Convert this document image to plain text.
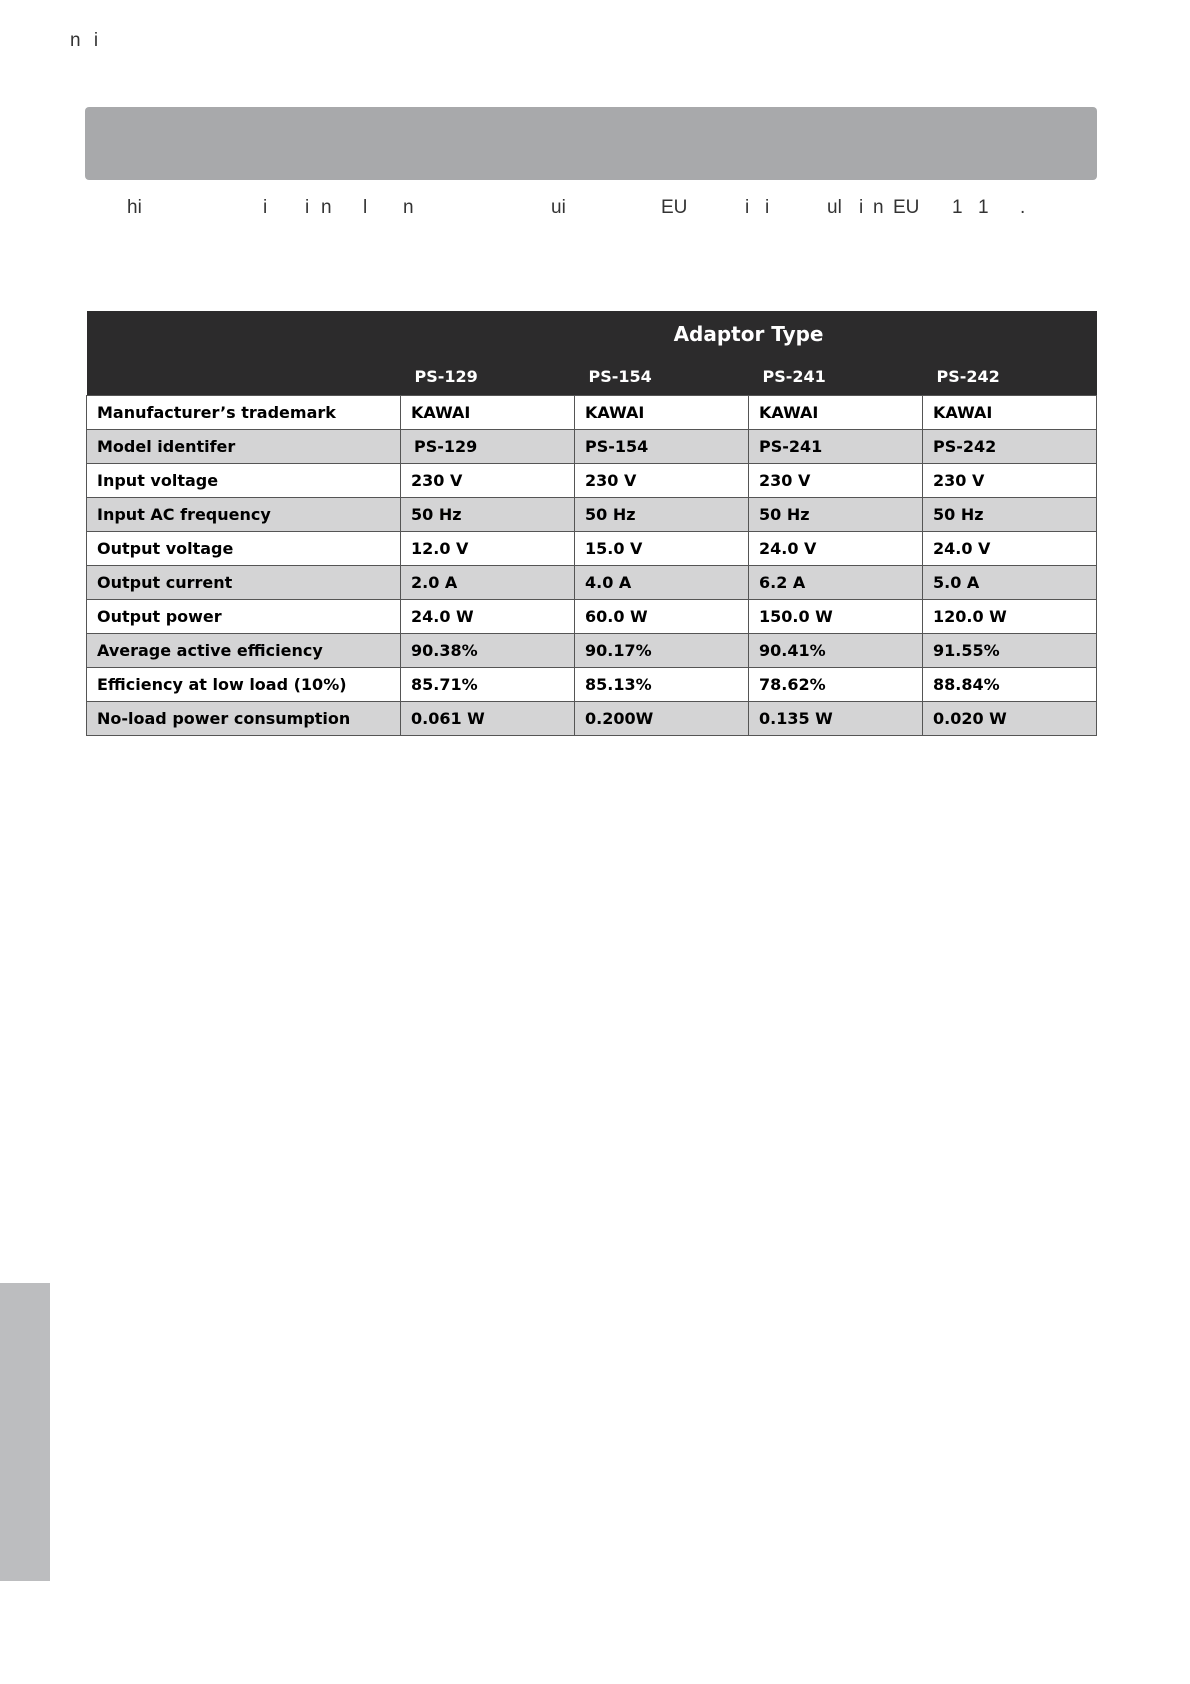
n i
hi	i i n l n	ui	EU	i i	ul i n EU 1 1 .
	Adaptor Type			
	PS-129	PS-154	PS-241	PS-242
Manufacturer’s trademark	KAWAI	KAWAI	KAWAI	KAWAI
Model identifer	PS-129	PS-154	PS-241	PS-242
Input voltage	230 V	230 V	230 V	230 V
Input AC frequency	50 Hz	50 Hz	50 Hz	50 Hz
Output voltage	12.0 V	15.0 V	24.0 V	24.0 V
Output current	2.0 A	4.0 A	6.2 A	5.0 A
Output power	24.0 W	60.0 W	150.0 W	120.0 W
Average active efficiency	90.38%	90.17%	90.41%	91.55%
Efficiency at low load (10%)	85.71%	85.13%	78.62%	88.84%
No-load power consumption	0.061 W	0.200W	0.135 W	0.020 W
